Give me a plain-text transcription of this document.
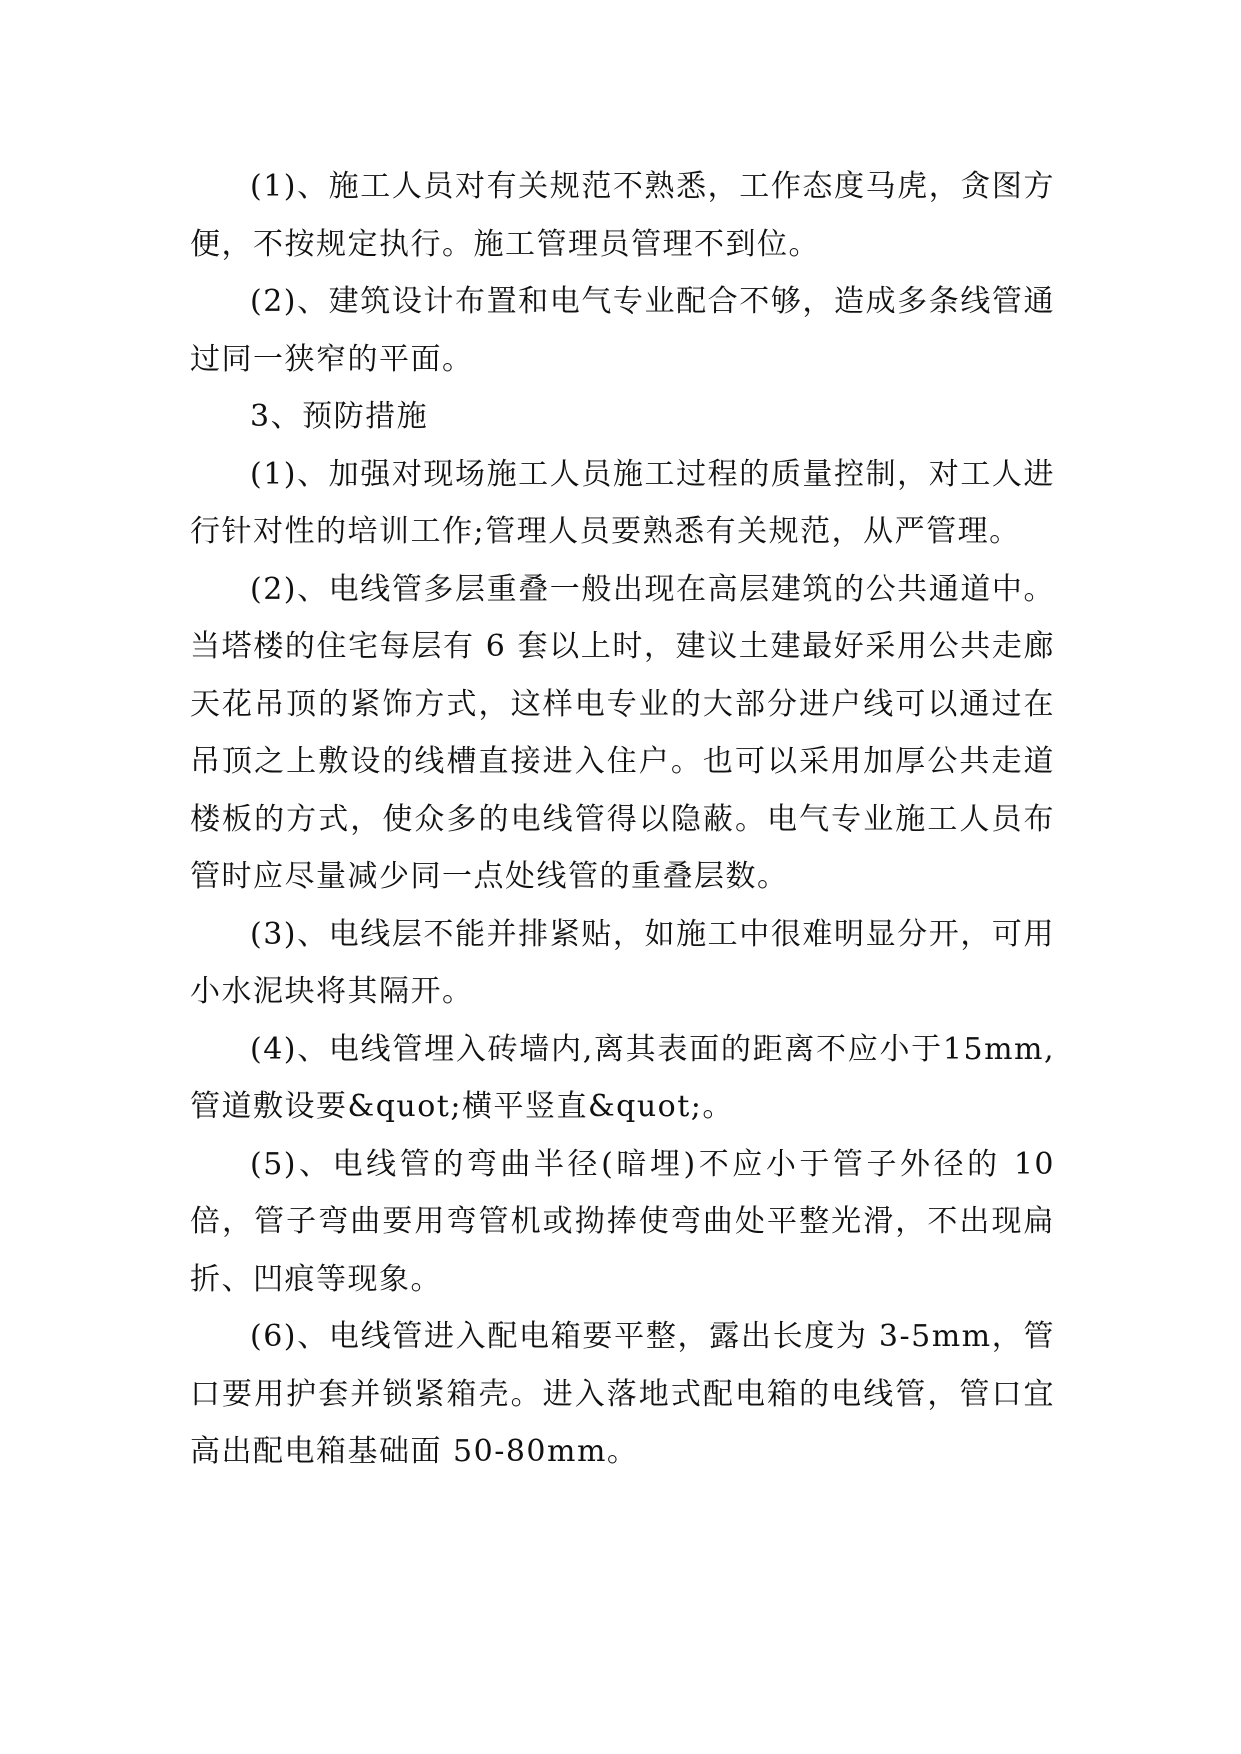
(1)、施工人员对有关规范不熟悉，工作态度马虎，贪图方便，不按规定执行。施工管理员管理不到位。

(2)、建筑设计布置和电气专业配合不够，造成多条线管通过同一狭窄的平面。

3、预防措施

(1)、加强对现场施工人员施工过程的质量控制，对工人进行针对性的培训工作;管理人员要熟悉有关规范，从严管理。

(2)、电线管多层重叠一般出现在高层建筑的公共通道中。当塔楼的住宅每层有 6 套以上时，建议土建最好采用公共走廊天花吊顶的紧饰方式，这样电专业的大部分进户线可以通过在吊顶之上敷设的线槽直接进入住户。也可以采用加厚公共走道楼板的方式，使众多的电线管得以隐蔽。电气专业施工人员布管时应尽量减少同一点处线管的重叠层数。

(3)、电线层不能并排紧贴，如施工中很难明显分开，可用小水泥块将其隔开。

(4)、电线管埋入砖墙内,离其表面的距离不应小于15mm,管道敷设要&quot;横平竖直&quot;。

(5)、电线管的弯曲半径(暗埋)不应小于管子外径的 10 倍，管子弯曲要用弯管机或拗捧使弯曲处平整光滑，不出现扁折、凹痕等现象。

(6)、电线管进入配电箱要平整，露出长度为 3-5mm，管口要用护套并锁紧箱壳。进入落地式配电箱的电线管，管口宜高出配电箱基础面 50-80mm。
